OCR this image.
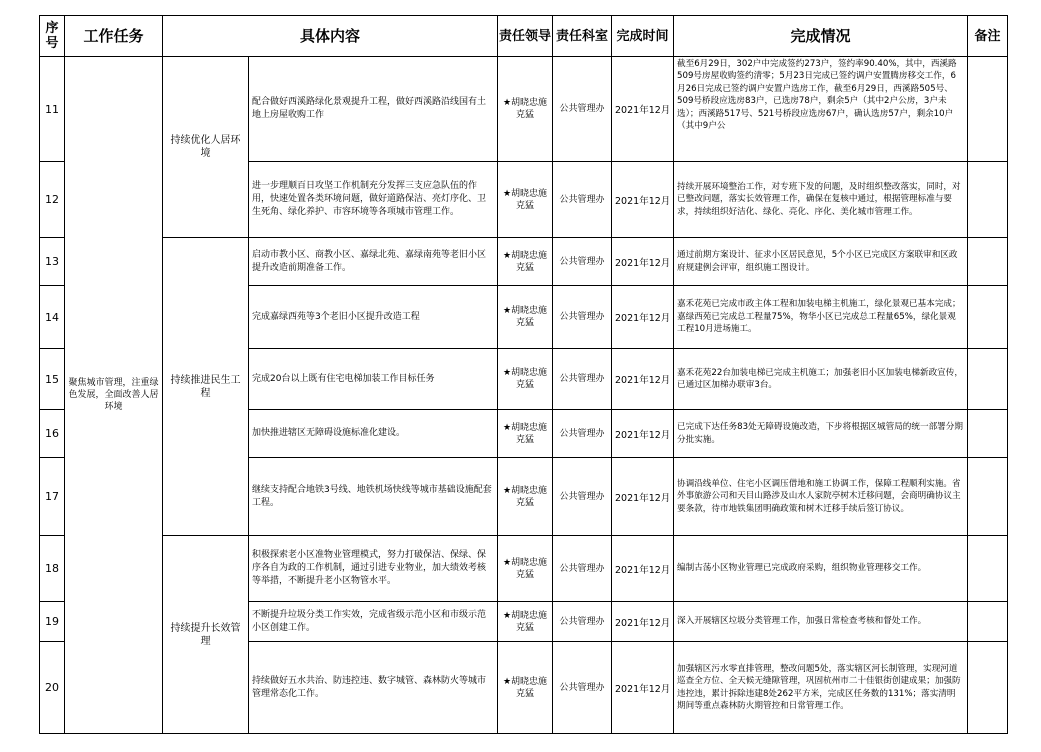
序号	工作任务	具体内容		责任领导	责任科室	完成时间	完成情况	备注
11	聚焦城市管理，注重绿色发展，全面改善人居环境	持续优化人居环境	配合做好西溪路绿化景观提升工程，做好西溪路沿线国有土地上房屋收购工作	★胡晓忠施克猛	公共管理办	2021年12月	截至6月29日，302户中完成签约273户，签约率90.40%，其中，西溪路509号房屋收购签约清零；5月23日完成已签约调户安置腾房移交工作，6月26日完成已签约调户安置户选房工作，截至6月29日，西溪路505号、509号桥段应选房83户，已选房78户，剩余5户（其中2户公房，3户未选）；西溪路517号、521号桥段应选房67户，确认选房57户，剩余10户（其中9户公	

12			进一步理顺百日攻坚工作机制充分发挥三支应急队伍的作用，快速处置各类环境问题，做好道路保洁、亮灯序化、卫生死角、绿化养护、市容环境等各项城市管理工作。	★胡晓忠施克猛	公共管理办	2021年12月	持续开展环境整治工作，对专班下发的问题，及时组织整改落实，同时，对已整改问题，落实长效管理工作，确保在复核中通过，根据管理标准与要求，持续组织好洁化、绿化、亮化、序化、美化城市管理工作。	
13		持续推进民生工程	启动市教小区、商教小区、嘉绿北苑、嘉绿南苑等老旧小区提升改造前期准备工作。	★胡晓忠施克猛	公共管理办	2021年12月	通过前期方案设计、征求小区居民意见，5个小区已完成区方案联审和区政府规建例会评审，组织施工图设计。	
14			完成嘉绿西苑等3个老旧小区提升改造工程	★胡晓忠施克猛	公共管理办	2021年12月	嘉禾花苑已完成市政主体工程和加装电梯主机施工，绿化景观已基本完成；嘉绿西苑已完成总工程量75%，物华小区已完成总工程量65%，绿化景观工程10月进场施工。	
15			完成20台以上既有住宅电梯加装工作目标任务	★胡晓忠施克猛	公共管理办	2021年12月	嘉禾花苑22台加装电梯已完成主机施工；加强老旧小区加装电梯新政宣传，已通过区加梯办联审3台。	
16			加快推进辖区无障碍设施标准化建设。	★胡晓忠施克猛	公共管理办	2021年12月	已完成下达任务83处无障碍设施改造，下步将根据区城管局的统一部署分期分批实施。	
17			继续支持配合地铁3号线、地铁机场快线等城市基础设施配套工程。	★胡晓忠施克猛	公共管理办	2021年12月	协调沿线单位、住宅小区调压借地和施工协调工作，保障工程顺利实施。省外事旅游公司和天目山路涉及山水人家院亭树木迁移问题，会商明确协议主要条款，待市地铁集团明确政策和树木迁移手续后签订协议。	
18		持续提升长效管理	积极探索老小区准物业管理模式，努力打破保洁、保绿、保序各自为政的工作机制，通过引进专业物业，加大绩效考核等举措，不断提升老小区物管水平。	★胡晓忠施克猛	公共管理办	2021年12月	编制古荡小区物业管理已完成政府采购，组织物业管理移交工作。	
19			不断提升垃圾分类工作实效，完成省级示范小区和市级示范小区创建工作。	★胡晓忠施克猛	公共管理办	2021年12月	深入开展辖区垃圾分类管理工作，加强日常检查考核和督处工作。	
20			持续做好五水共治、防违控违、数字城管、森林防火等城市管理常态化工作。	★胡晓忠施克猛	公共管理办	2021年12月	加强辖区污水零直排管理，整改问题5处，落实辖区河长制管理，实现河道巡查全方位、全天候无缝隙管理，巩固杭州市二十佳银街创建成果；加强防违控违，累计拆除违建8处262平方米，完成区任务数的131%；落实清明期间等重点森林防火期管控和日常管理工作。	
